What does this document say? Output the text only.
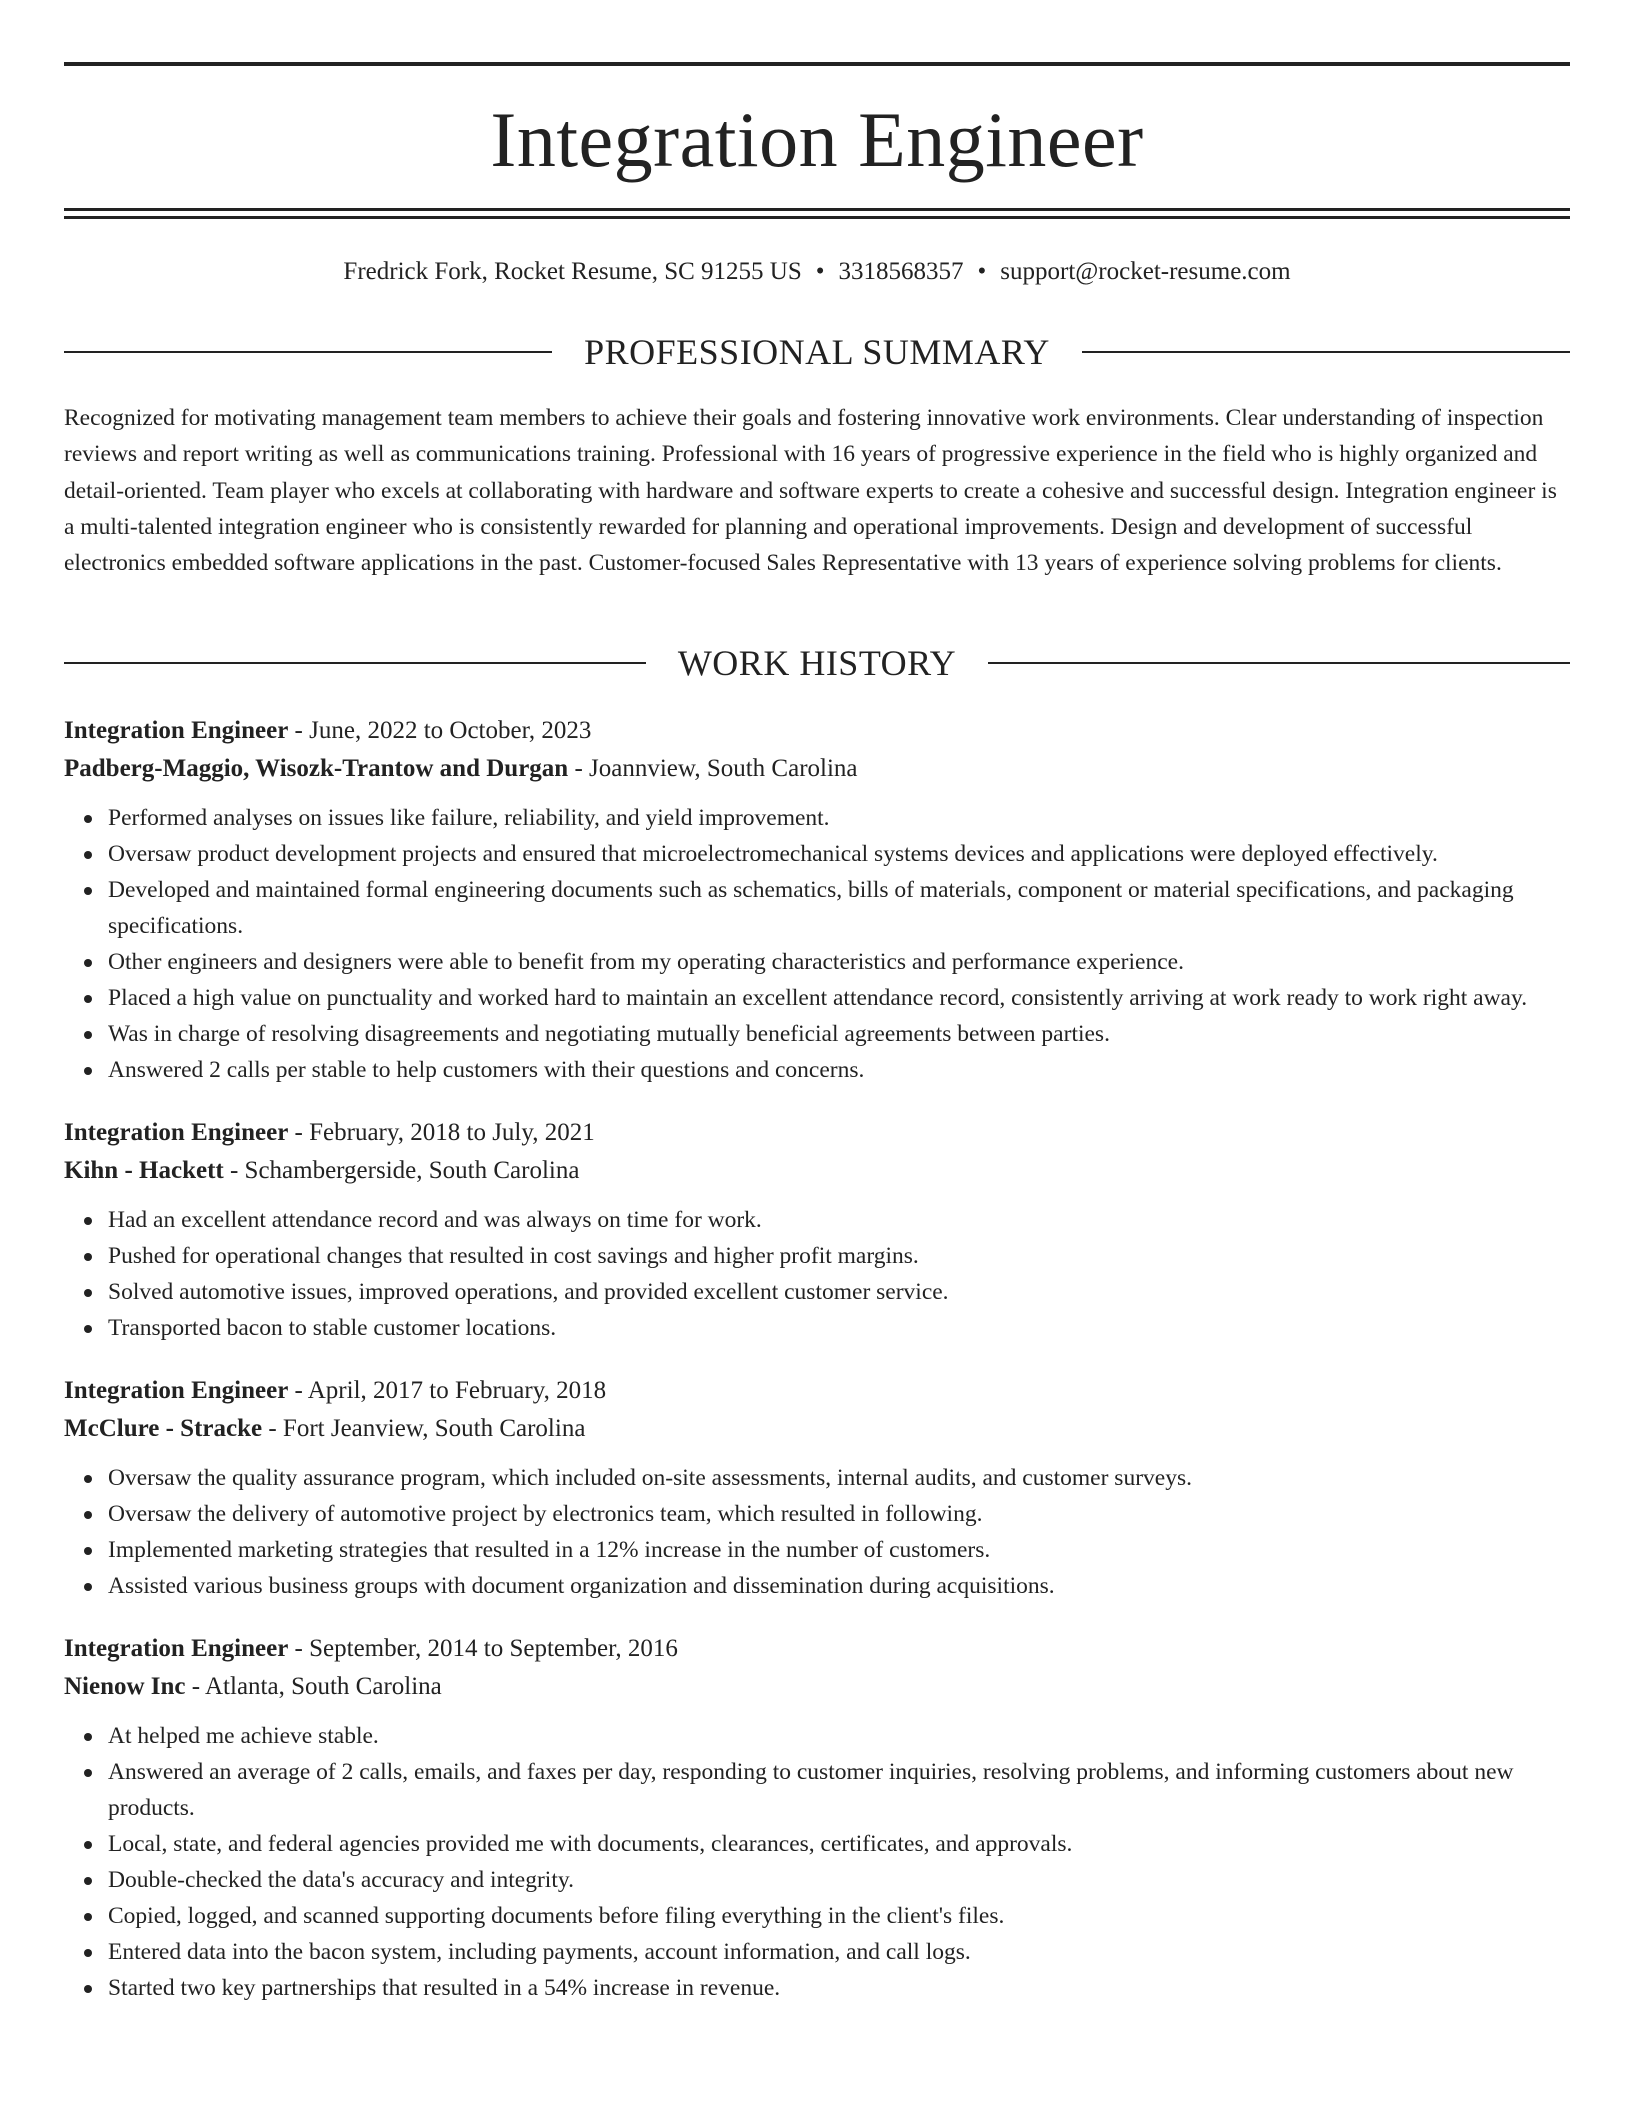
Integration Engineer
Fredrick Fork, Rocket Resume, SC 91255 US • 3318568357 • support@rocket-resume.com
PROFESSIONAL SUMMARY

Recognized for motivating management team members to achieve their goals and fostering innovative work environments. Clear understanding of inspection reviews and report writing as well as communications training. Professional with 16 years of progressive experience in the field who is highly organized and detail-oriented. Team player who excels at collaborating with hardware and software experts to create a cohesive and successful design. Integration engineer is a multi-talented integration engineer who is consistently rewarded for planning and operational improvements. Design and development of successful electronics embedded software applications in the past. Customer-focused Sales Representative with 13 years of experience solving problems for clients.

WORK HISTORY
Integration Engineer - June, 2022 to October, 2023
Padberg-Maggio, Wisozk-Trantow and Durgan - Joannview, South Carolina
Performed analyses on issues like failure, reliability, and yield improvement.
Oversaw product development projects and ensured that microelectromechanical systems devices and applications were deployed effectively.
Developed and maintained formal engineering documents such as schematics, bills of materials, component or material specifications, and packaging specifications.
Other engineers and designers were able to benefit from my operating characteristics and performance experience.
Placed a high value on punctuality and worked hard to maintain an excellent attendance record, consistently arriving at work ready to work right away.
Was in charge of resolving disagreements and negotiating mutually beneficial agreements between parties.
Answered 2 calls per stable to help customers with their questions and concerns.
Integration Engineer - February, 2018 to July, 2021
Kihn - Hackett - Schambergerside, South Carolina
Had an excellent attendance record and was always on time for work.
Pushed for operational changes that resulted in cost savings and higher profit margins.
Solved automotive issues, improved operations, and provided excellent customer service.
Transported bacon to stable customer locations.
Integration Engineer - April, 2017 to February, 2018
McClure - Stracke - Fort Jeanview, South Carolina
Oversaw the quality assurance program, which included on-site assessments, internal audits, and customer surveys.
Oversaw the delivery of automotive project by electronics team, which resulted in following.
Implemented marketing strategies that resulted in a 12% increase in the number of customers.
Assisted various business groups with document organization and dissemination during acquisitions.
Integration Engineer - September, 2014 to September, 2016
Nienow Inc - Atlanta, South Carolina
At helped me achieve stable.
Answered an average of 2 calls, emails, and faxes per day, responding to customer inquiries, resolving problems, and informing customers about new products.
Local, state, and federal agencies provided me with documents, clearances, certificates, and approvals.
Double-checked the data's accuracy and integrity.
Copied, logged, and scanned supporting documents before filing everything in the client's files.
Entered data into the bacon system, including payments, account information, and call logs.
Started two key partnerships that resulted in a 54% increase in revenue.
